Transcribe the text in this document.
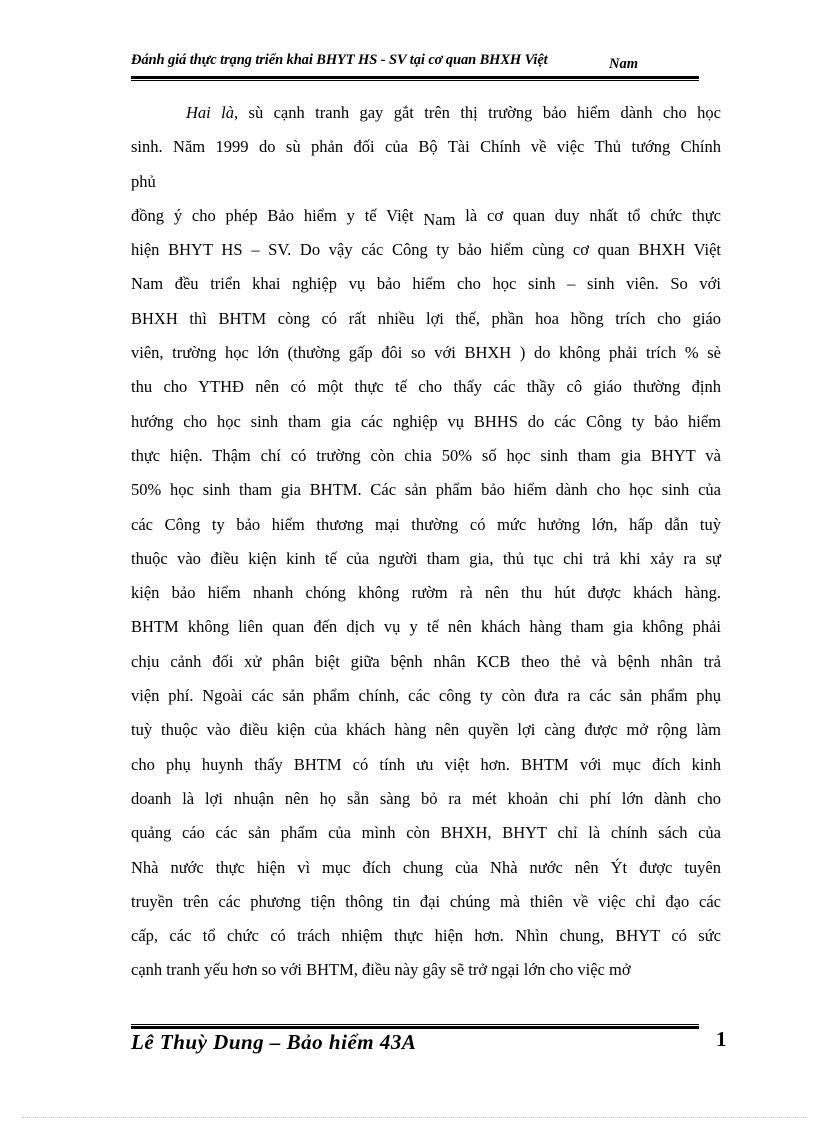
Đánh giá thực trạng triển khai BHYT HS - SV tại cơ quan BHXH Việt	Nam
Hai là, sù cạnh tranh gay gắt trên thị trường bảo hiểm dành cho học
sinh. Năm 1999 do sù phản đối của Bộ Tài Chính về việc Thủ tướng Chính
phủ
đồng ý cho phép Bảo hiểm y tế Việt Nam là cơ quan duy nhất tổ chức thực
hiện BHYT HS – SV. Do vậy các Công ty bảo hiểm cùng cơ quan BHXH Việt
Nam đều triển khai nghiệp vụ bảo hiểm cho học sinh – sinh viên. So với
BHXH thì BHTM còng có rất nhiều lợi thế, phần hoa hồng trích cho giáo
viên, trường học lớn (thường gấp đôi so với BHXH ) do không phải trích % sè
thu cho YTHĐ nên có một thực tế cho thấy các thầy cô giáo thường định
hướng cho học sinh tham gia các nghiệp vụ BHHS do các Công ty bảo hiểm
thực hiện. Thậm chí có trường còn chia 50% số học sinh tham gia BHYT và
50% học sinh tham gia BHTM. Các sản phẩm bảo hiểm dành cho học sinh của
các Công ty bảo hiểm thương mại thường có mức hưởng lớn, hấp dẫn tuỳ
thuộc vào điều kiện kinh tế của người tham gia, thủ tục chi trả khi xảy ra sự
kiện bảo hiểm nhanh chóng không rườm rà nên thu hút được khách hàng.
BHTM không liên quan đến dịch vụ y tế nên khách hàng tham gia không phải
chịu cảnh đối xử phân biệt giữa bệnh nhân KCB theo thẻ và bệnh nhân trả
viện phí. Ngoài các sản phẩm chính, các công ty còn đưa ra các sản phẩm phụ
tuỳ thuộc vào điều kiện của khách hàng nên quyền lợi càng được mở rộng làm
cho phụ huynh thấy BHTM có tính ưu việt hơn. BHTM với mục đích kinh
doanh là lợi nhuận nên họ sẵn sàng bỏ ra mét khoản chi phí lớn dành cho
quảng cáo các sản phẩm của mình còn BHXH, BHYT chỉ là chính sách của
Nhà nước thực hiện vì mục đích chung của Nhà nước nên Ýt được tuyên
truyền trên các phương tiện thông tin đại chúng mà thiên về việc chỉ đạo các
cấp, các tổ chức có trách nhiệm thực hiện hơn. Nhìn chung, BHYT có sức
cạnh tranh yếu hơn so với BHTM, điều này gây sẽ trở ngại lớn cho việc mở
Lê Thuỳ Dung – Bảo hiểm 43A	1
